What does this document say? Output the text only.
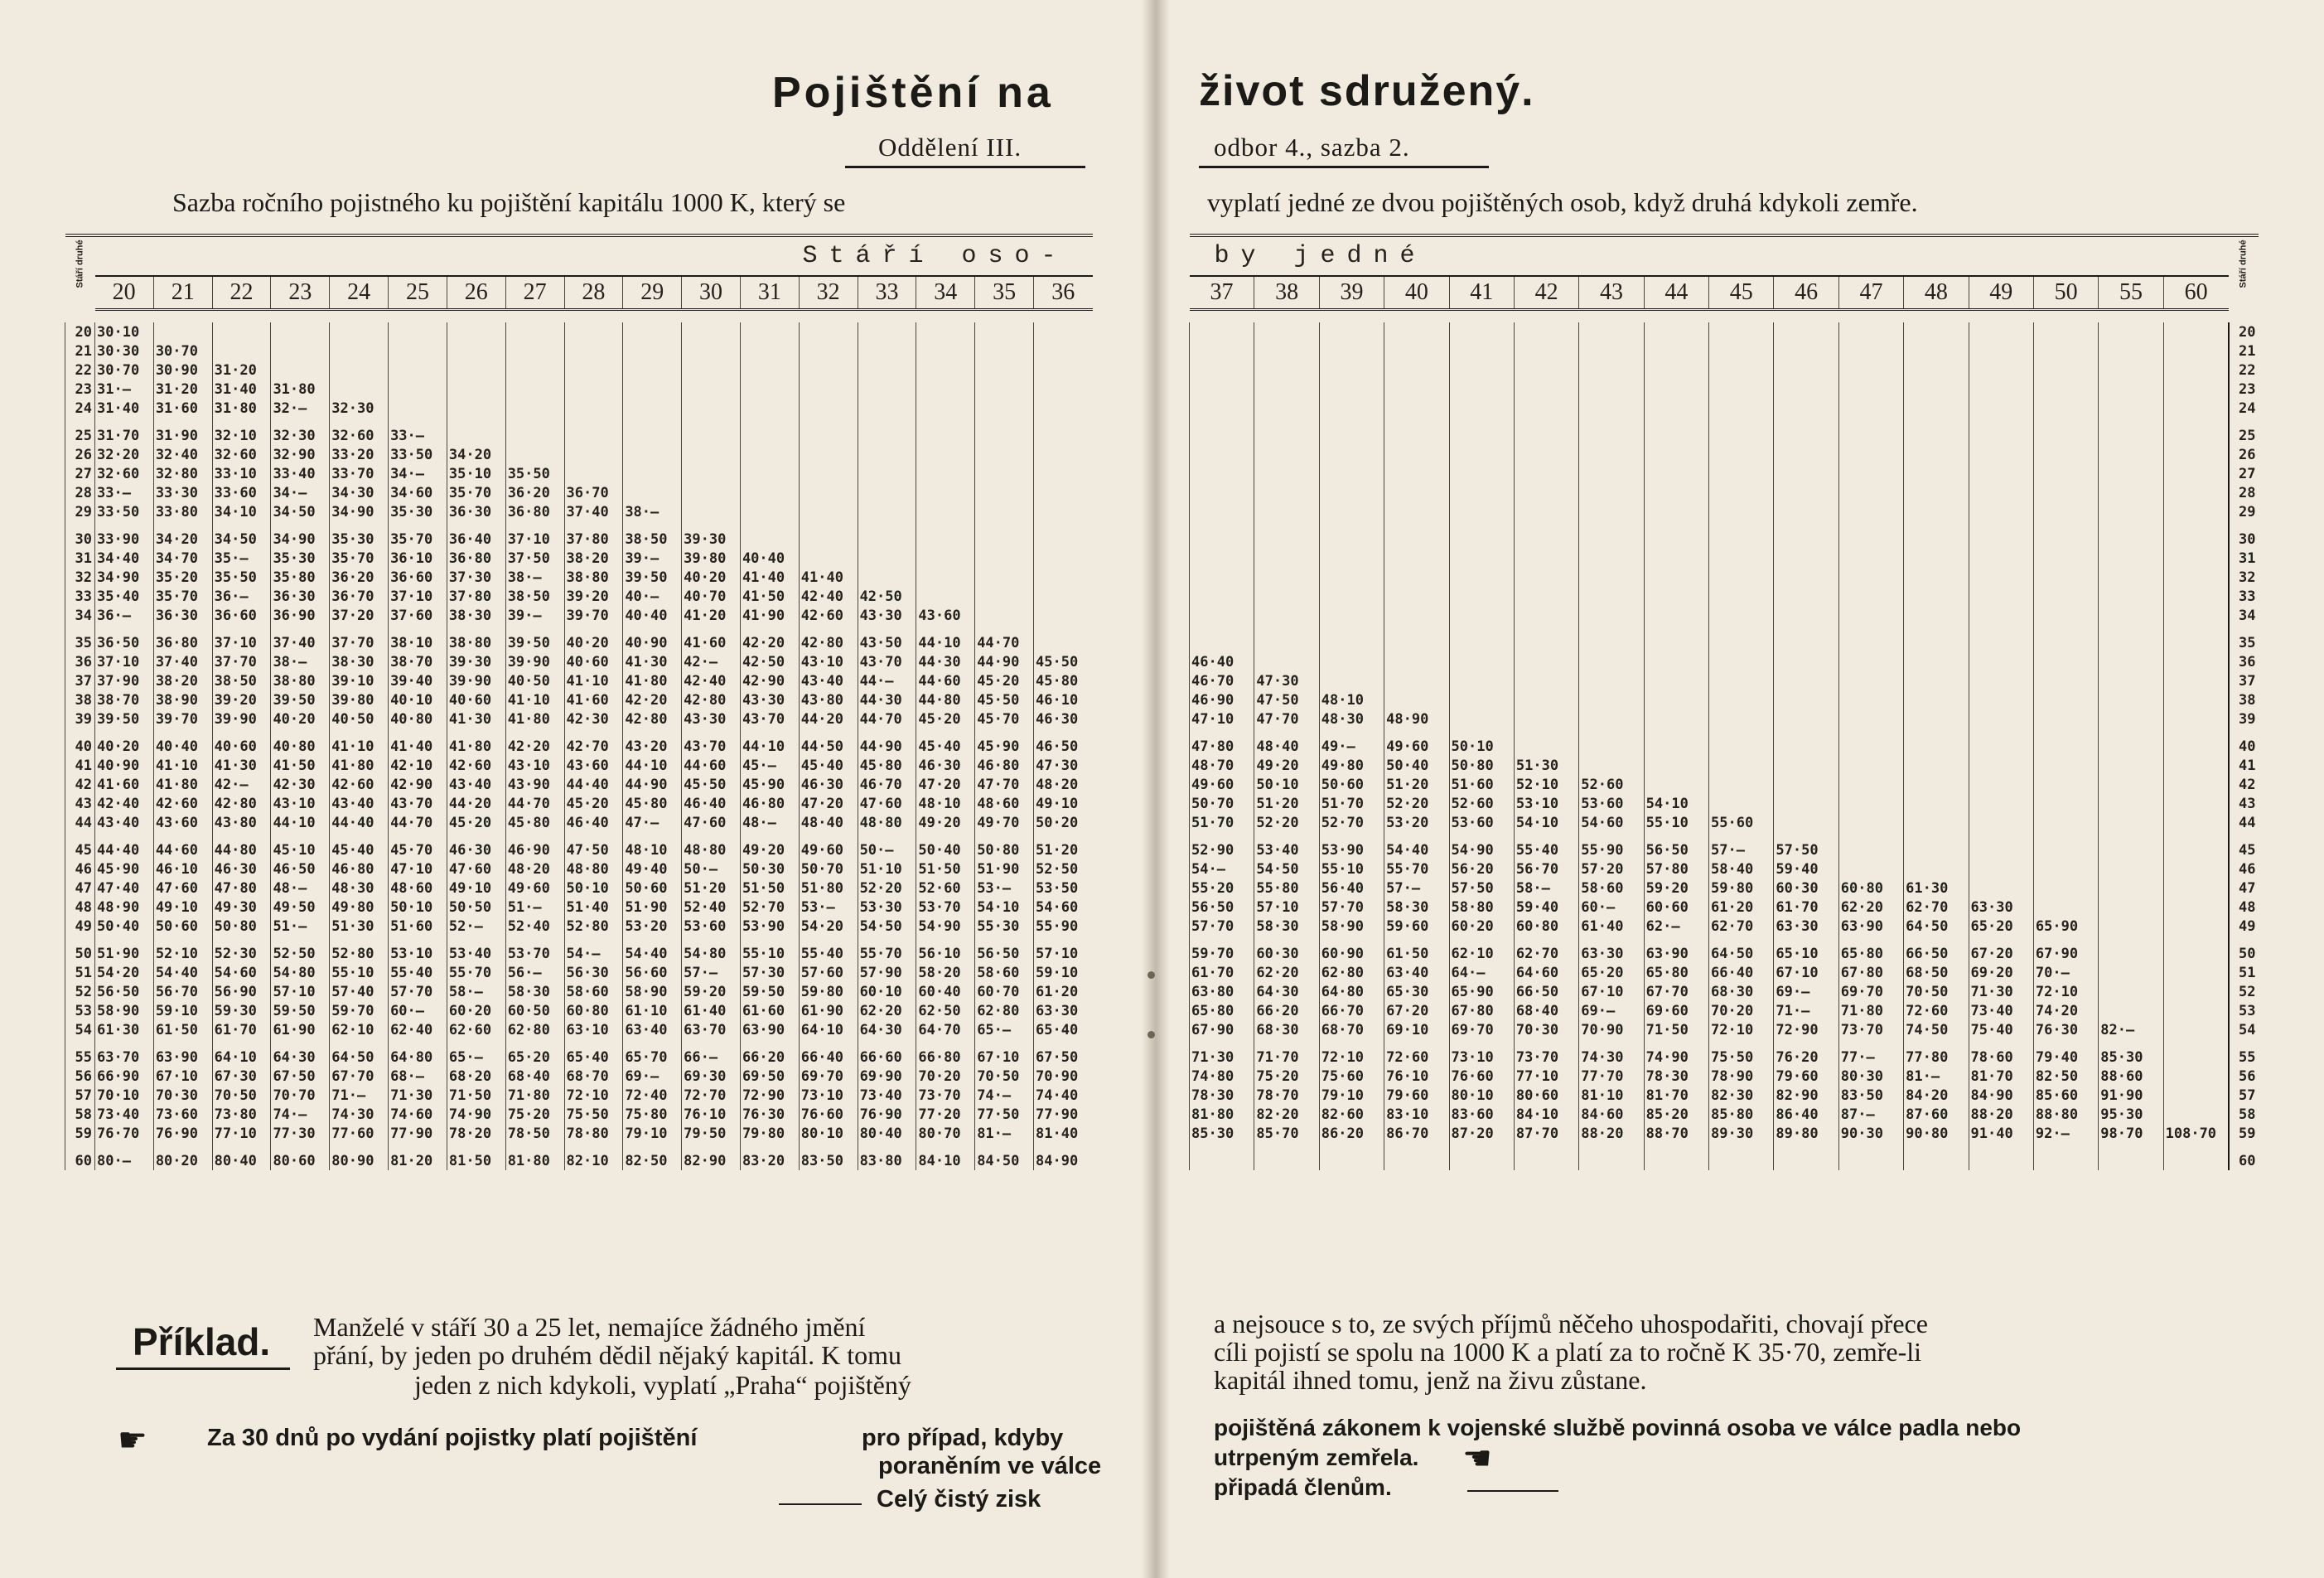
Pojištění na
Oddělení III.
Sazba ročního pojistného ku pojištění kapitálu 1000 K, který se
Stáří druhé	Stáří oso-																
	20	21	22	23	24	25	26	27	28	29	30	31	32	33	34	35	36

20	30·10																
21	30·30	30·70															
22	30·70	30·90	31·20														
23	31·—	31·20	31·40	31·80													
24	31·40	31·60	31·80	32·—	32·30												
25	31·70	31·90	32·10	32·30	32·60	33·—											
26	32·20	32·40	32·60	32·90	33·20	33·50	34·20										
27	32·60	32·80	33·10	33·40	33·70	34·—	35·10	35·50									
28	33·—	33·30	33·60	34·—	34·30	34·60	35·70	36·20	36·70								
29	33·50	33·80	34·10	34·50	34·90	35·30	36·30	36·80	37·40	38·—							
30	33·90	34·20	34·50	34·90	35·30	35·70	36·40	37·10	37·80	38·50	39·30						
31	34·40	34·70	35·—	35·30	35·70	36·10	36·80	37·50	38·20	39·—	39·80	40·40					
32	34·90	35·20	35·50	35·80	36·20	36·60	37·30	38·—	38·80	39·50	40·20	41·40	41·40				
33	35·40	35·70	36·—	36·30	36·70	37·10	37·80	38·50	39·20	40·—	40·70	41·50	42·40	42·50			
34	36·—	36·30	36·60	36·90	37·20	37·60	38·30	39·—	39·70	40·40	41·20	41·90	42·60	43·30	43·60		
35	36·50	36·80	37·10	37·40	37·70	38·10	38·80	39·50	40·20	40·90	41·60	42·20	42·80	43·50	44·10	44·70	
36	37·10	37·40	37·70	38·—	38·30	38·70	39·30	39·90	40·60	41·30	42·—	42·50	43·10	43·70	44·30	44·90	45·50
37	37·90	38·20	38·50	38·80	39·10	39·40	39·90	40·50	41·10	41·80	42·40	42·90	43·40	44·—	44·60	45·20	45·80
38	38·70	38·90	39·20	39·50	39·80	40·10	40·60	41·10	41·60	42·20	42·80	43·30	43·80	44·30	44·80	45·50	46·10
39	39·50	39·70	39·90	40·20	40·50	40·80	41·30	41·80	42·30	42·80	43·30	43·70	44·20	44·70	45·20	45·70	46·30
40	40·20	40·40	40·60	40·80	41·10	41·40	41·80	42·20	42·70	43·20	43·70	44·10	44·50	44·90	45·40	45·90	46·50
41	40·90	41·10	41·30	41·50	41·80	42·10	42·60	43·10	43·60	44·10	44·60	45·—	45·40	45·80	46·30	46·80	47·30
42	41·60	41·80	42·—	42·30	42·60	42·90	43·40	43·90	44·40	44·90	45·50	45·90	46·30	46·70	47·20	47·70	48·20
43	42·40	42·60	42·80	43·10	43·40	43·70	44·20	44·70	45·20	45·80	46·40	46·80	47·20	47·60	48·10	48·60	49·10
44	43·40	43·60	43·80	44·10	44·40	44·70	45·20	45·80	46·40	47·—	47·60	48·—	48·40	48·80	49·20	49·70	50·20
45	44·40	44·60	44·80	45·10	45·40	45·70	46·30	46·90	47·50	48·10	48·80	49·20	49·60	50·—	50·40	50·80	51·20
46	45·90	46·10	46·30	46·50	46·80	47·10	47·60	48·20	48·80	49·40	50·—	50·30	50·70	51·10	51·50	51·90	52·50
47	47·40	47·60	47·80	48·—	48·30	48·60	49·10	49·60	50·10	50·60	51·20	51·50	51·80	52·20	52·60	53·—	53·50
48	48·90	49·10	49·30	49·50	49·80	50·10	50·50	51·—	51·40	51·90	52·40	52·70	53·—	53·30	53·70	54·10	54·60
49	50·40	50·60	50·80	51·—	51·30	51·60	52·—	52·40	52·80	53·20	53·60	53·90	54·20	54·50	54·90	55·30	55·90
50	51·90	52·10	52·30	52·50	52·80	53·10	53·40	53·70	54·—	54·40	54·80	55·10	55·40	55·70	56·10	56·50	57·10
51	54·20	54·40	54·60	54·80	55·10	55·40	55·70	56·—	56·30	56·60	57·—	57·30	57·60	57·90	58·20	58·60	59·10
52	56·50	56·70	56·90	57·10	57·40	57·70	58·—	58·30	58·60	58·90	59·20	59·50	59·80	60·10	60·40	60·70	61·20
53	58·90	59·10	59·30	59·50	59·70	60·—	60·20	60·50	60·80	61·10	61·40	61·60	61·90	62·20	62·50	62·80	63·30
54	61·30	61·50	61·70	61·90	62·10	62·40	62·60	62·80	63·10	63·40	63·70	63·90	64·10	64·30	64·70	65·—	65·40
55	63·70	63·90	64·10	64·30	64·50	64·80	65·—	65·20	65·40	65·70	66·—	66·20	66·40	66·60	66·80	67·10	67·50
56	66·90	67·10	67·30	67·50	67·70	68·—	68·20	68·40	68·70	69·—	69·30	69·50	69·70	69·90	70·20	70·50	70·90
57	70·10	70·30	70·50	70·70	71·—	71·30	71·50	71·80	72·10	72·40	72·70	72·90	73·10	73·40	73·70	74·—	74·40
58	73·40	73·60	73·80	74·—	74·30	74·60	74·90	75·20	75·50	75·80	76·10	76·30	76·60	76·90	77·20	77·50	77·90
59	76·70	76·90	77·10	77·30	77·60	77·90	78·20	78·50	78·80	79·10	79·50	79·80	80·10	80·40	80·70	81·—	81·40
60	80·—	80·20	80·40	80·60	80·90	81·20	81·50	81·80	82·10	82·50	82·90	83·20	83·50	83·80	84·10	84·50	84·90
Příklad. Manželé v stáří 30 a 25 let, nemajíce žádného jmění
přání, by jeden po druhém dědil nějaký kapitál. K tomu
jeden z nich kdykoli, vyplatí „Praha“ pojištěný
☛ Za 30 dnů po vydání pojistky platí pojištění	pro případ, kdyby
poraněním ve válce
Celý čistý zisk
život sdružený.
odbor 4., sazba 2.
vyplatí jedné ze dvou pojištěných osob, když druhá kdykoli zemře.
by jedné																Stáří druhé

37	38	39	40	41	42	43	44	45	46	47	48	49	50	55	60	

																20
																21
																22
																23
																24
																25
																26
																27
																28
																29
																30
																31
																32
																33
																34
																35
46·40																36
46·70	47·30															37
46·90	47·50	48·10														38
47·10	47·70	48·30	48·90													39
47·80	48·40	49·—	49·60	50·10												40
48·70	49·20	49·80	50·40	50·80	51·30											41
49·60	50·10	50·60	51·20	51·60	52·10	52·60										42
50·70	51·20	51·70	52·20	52·60	53·10	53·60	54·10									43
51·70	52·20	52·70	53·20	53·60	54·10	54·60	55·10	55·60								44
52·90	53·40	53·90	54·40	54·90	55·40	55·90	56·50	57·—	57·50							45
54·—	54·50	55·10	55·70	56·20	56·70	57·20	57·80	58·40	59·40							46
55·20	55·80	56·40	57·—	57·50	58·—	58·60	59·20	59·80	60·30	60·80	61·30					47
56·50	57·10	57·70	58·30	58·80	59·40	60·—	60·60	61·20	61·70	62·20	62·70	63·30				48
57·70	58·30	58·90	59·60	60·20	60·80	61·40	62·—	62·70	63·30	63·90	64·50	65·20	65·90			49
59·70	60·30	60·90	61·50	62·10	62·70	63·30	63·90	64·50	65·10	65·80	66·50	67·20	67·90			50
61·70	62·20	62·80	63·40	64·—	64·60	65·20	65·80	66·40	67·10	67·80	68·50	69·20	70·—			51
63·80	64·30	64·80	65·30	65·90	66·50	67·10	67·70	68·30	69·—	69·70	70·50	71·30	72·10			52
65·80	66·20	66·70	67·20	67·80	68·40	69·—	69·60	70·20	71·—	71·80	72·60	73·40	74·20			53
67·90	68·30	68·70	69·10	69·70	70·30	70·90	71·50	72·10	72·90	73·70	74·50	75·40	76·30	82·—		54
71·30	71·70	72·10	72·60	73·10	73·70	74·30	74·90	75·50	76·20	77·—	77·80	78·60	79·40	85·30		55
74·80	75·20	75·60	76·10	76·60	77·10	77·70	78·30	78·90	79·60	80·30	81·—	81·70	82·50	88·60		56
78·30	78·70	79·10	79·60	80·10	80·60	81·10	81·70	82·30	82·90	83·50	84·20	84·90	85·60	91·90		57
81·80	82·20	82·60	83·10	83·60	84·10	84·60	85·20	85·80	86·40	87·—	87·60	88·20	88·80	95·30		58
85·30	85·70	86·20	86·70	87·20	87·70	88·20	88·70	89·30	89·80	90·30	90·80	91·40	92·—	98·70	108·70	59
																60
a nejsouce s to, ze svých příjmů něčeho uhospodařiti, chovají přece
cíli pojistí se spolu na 1000 K a platí za to ročně K 35·70, zemře-li
kapitál ihned tomu, jenž na živu zůstane.
pojištěná zákonem k vojenské službě povinná osoba ve válce padla nebo
utrpeným zemřela. ☚
připadá členům.
